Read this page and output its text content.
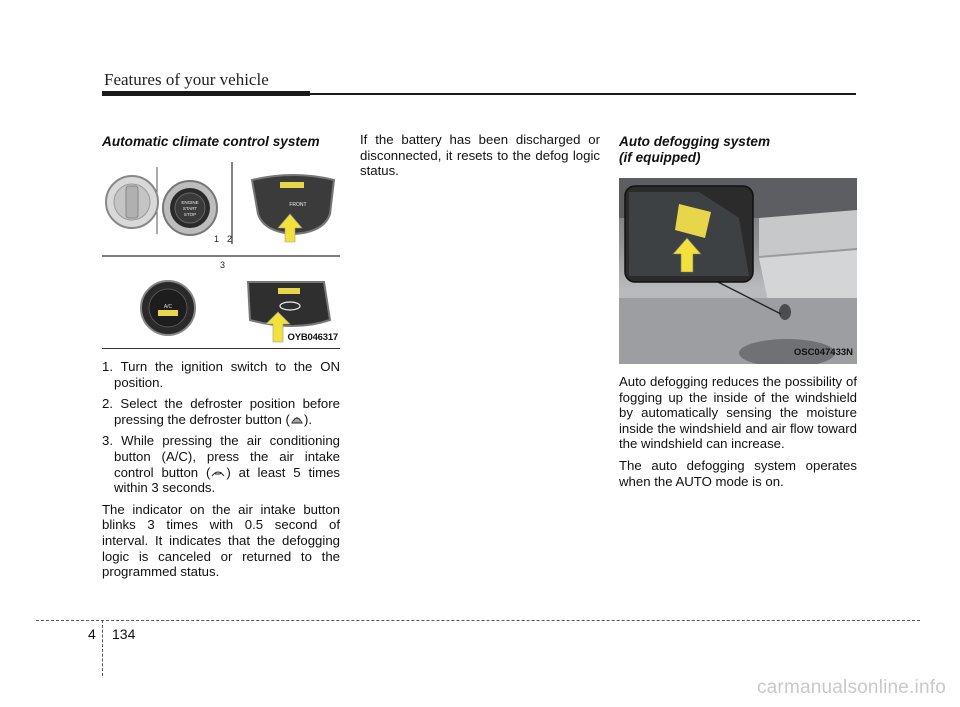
Features of your vehicle
Automatic climate control system
ENGINE
START
STOP
FRONT
1 2
3
A/C
OYB046317
1. Turn the ignition switch to the ON position.
2. Select the defroster position before pressing the defroster button ( ).
3. While pressing the air conditioning button (A/C), press the air intake control button ( ) at least 5 times within 3 seconds.

The indicator on the air intake button blinks 3 times with 0.5 second of interval. It indicates that the defogging logic is canceled or returned to the programmed status.

If the battery has been discharged or disconnected, it resets to the defog logic status.

Auto defogging system
(if equipped)
OSC047433N

Auto defogging reduces the possibility of fogging up the inside of the windshield by automatically sensing the moisture inside the windshield and air flow toward the windshield can increase.

The auto defogging system operates when the AUTO mode is on.

4 134
carmanualsonline.info
